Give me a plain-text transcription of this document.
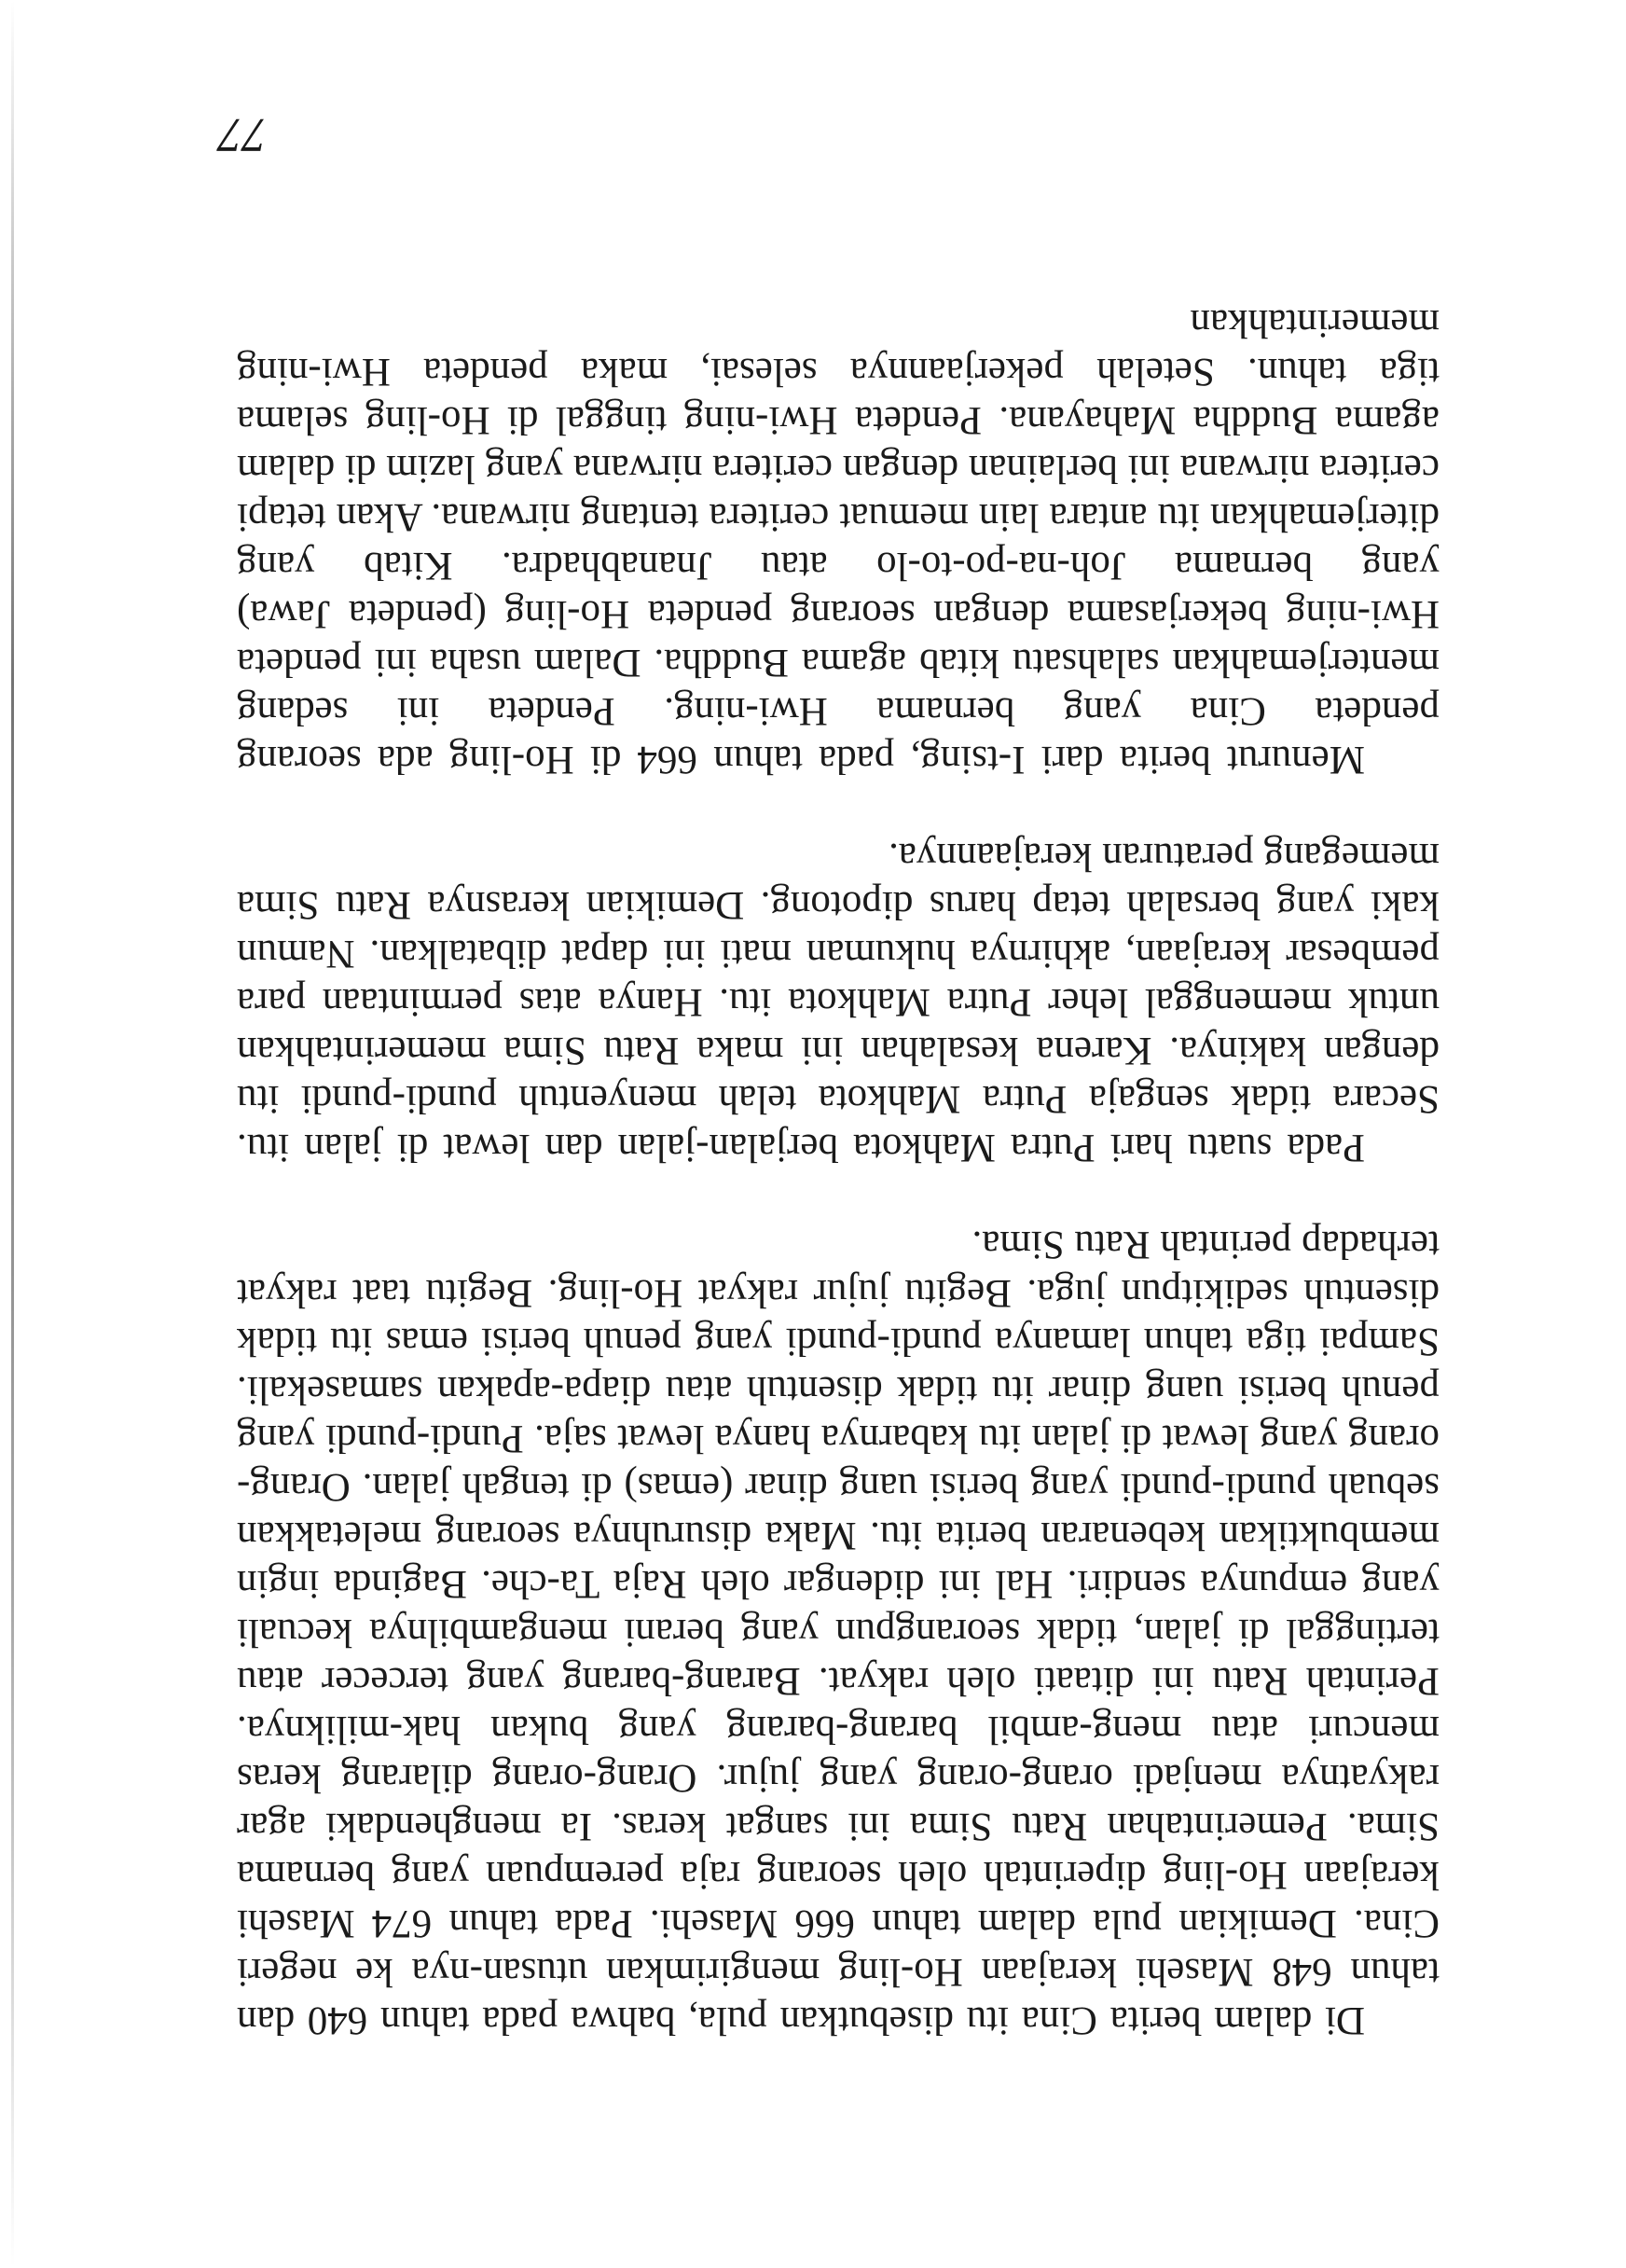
Di dalam berita Cina itu disebutkan pula, bahwa pada tahun 640 dan tahun 648 Masehi kerajaan Ho-ling mengirimkan utusan-nya ke negeri Cina. Demikian pula dalam tahun 666 Masehi. Pada tahun 674 Masehi kerajaan Ho-ling diperintah oleh seorang raja perempuan yang bernama Sima. Pemerintahan Ratu Sima ini sangat keras. Ia menghendaki agar rakyatnya menjadi orang-orang yang jujur. Orang-orang dilarang keras mencuri atau meng-ambil barang-barang yang bukan hak-miliknya. Perintah Ratu ini ditaati oleh rakyat. Barang-barang yang tercecer atau tertinggal di jalan, tidak seorangpun yang berani mengambilnya kecuali yang empunya sendiri. Hal ini didengar oleh Raja Ta-che. Baginda ingin membuktikan kebenaran berita itu. Maka disuruhnya seorang meletakkan sebuah pundi-pundi yang berisi uang dinar (emas) di tengah jalan. Orang-orang yang lewat di jalan itu kabarnya hanya lewat saja. Pundi-pundi yang penuh berisi uang dinar itu tidak disentuh atau diapa-apakan samasekali. Sampai tiga tahun lamanya pundi-pundi yang penuh berisi emas itu tidak disentuh sedikitpun juga. Begitu jujur rakyat Ho-ling. Begitu taat rakyat terhadap perintah Ratu Sima.

Pada suatu hari Putra Mahkota berjalan-jalan dan lewat di jalan itu. Secara tidak sengaja Putra Mahkota telah menyentuh pundi-pundi itu dengan kakinya. Karena kesalahan ini maka Ratu Sima memerintahkan untuk memenggal leher Putra Mahkota itu. Hanya atas permintaan para pembesar kerajaan, akhirnya hukuman mati ini dapat dibatalkan. Namun kaki yang bersalah tetap harus dipotong. Demikian kerasnya Ratu Sima memegang peraturan kerajaannya.

Menurut berita dari I-tsing, pada tahun 664 di Ho-ling ada seorang pendeta Cina yang bernama Hwi-ning. Pendeta ini sedang menterjemahkan salahsatu kitab agama Buddha. Dalam usaha ini pendeta Hwi-ning bekerjasama dengan seorang pendeta Ho-ling (pendeta Jawa) yang bernama Joh-na-po-to-lo atau Jnanabhadra. Kitab yang diterjemahkan itu antara lain memuat ceritera tentang nirwana. Akan tetapi ceritera nirwana ini berlainan dengan ceritera nirwana yang lazim di dalam agama Buddha Mahayana. Pendeta Hwi-ning tinggal di Ho-ling selama tiga tahun. Setelah pekerjaannya selesai, maka pendeta Hwi-ning memerintahkan

77
